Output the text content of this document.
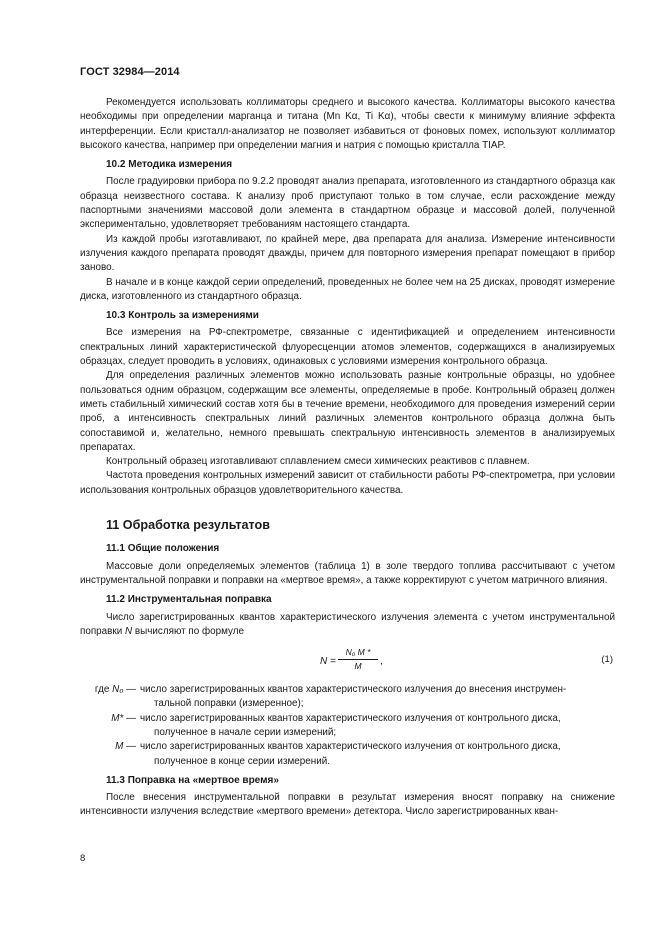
ГОСТ 32984—2014

Рекомендуется использовать коллиматоры среднего и высокого качества. Коллиматоры высокого качества необходимы при определении марганца и титана (Mn Kα, Ti Kα), чтобы свести к минимуму влияние эффекта интерференции. Если кристалл-анализатор не позволяет избавиться от фоновых помех, используют коллиматор высокого качества, например при определении магния и натрия с помощью кристалла TIAP.

10.2 Методика измерения

После градуировки прибора по 9.2.2 проводят анализ препарата, изготовленного из стандартного образца как образца неизвестного состава. К анализу проб приступают только в том случае, если расхождение между паспортными значениями массовой доли элемента в стандартном образце и массовой долей, полученной экспериментально, удовлетворяет требованиям настоящего стандарта.

Из каждой пробы изготавливают, по крайней мере, два препарата для анализа. Измерение интенсивности излучения каждого препарата проводят дважды, причем для повторного измерения препарат помещают в прибор заново.

В начале и в конце каждой серии определений, проведенных не более чем на 25 дисках, проводят измерение диска, изготовленного из стандартного образца.

10.3 Контроль за измерениями

Все измерения на РФ-спектрометре, связанные с идентификацией и определением интенсивности спектральных линий характеристической флуоресценции атомов элементов, содержащихся в анализируемых образцах, следует проводить в условиях, одинаковых с условиями измерения контрольного образца.

Для определения различных элементов можно использовать разные контрольные образцы, но удобнее пользоваться одним образцом, содержащим все элементы, определяемые в пробе. Контрольный образец должен иметь стабильный химический состав хотя бы в течение времени, необходимого для проведения измерений серии проб, а интенсивность спектральных линий различных элементов контрольного образца должна быть сопоставимой и, желательно, немного превышать спектральную интенсивность элементов в анализируемых препаратах.

Контрольный образец изготавливают сплавлением смеси химических реактивов с плавнем.

Частота проведения контрольных измерений зависит от стабильности работы РФ-спектрометра, при условии использования контрольных образцов удовлетворительного качества.

11 Обработка результатов
11.1 Общие положения

Массовые доли определяемых элементов (таблица 1) в золе твердого топлива рассчитывают с учетом инструментальной поправки и поправки на «мертвое время», а также корректируют с учетом матричного влияния.

11.2 Инструментальная поправка

Число зарегистрированных квантов характеристического излучения элемента с учетом инструментальной поправки N вычисляют по формуле

$N = \frac{\text{N₀ M *}}{M}$ ,	(1)
где N₀ — число зарегистрированных квантов характеристического излучения до внесения инструмен-
тальной поправки (измеренное);
M* — число зарегистрированных квантов характеристического излучения от контрольного диска,
полученное в начале серии измерений;
M — число зарегистрированных квантов характеристического излучения от контрольного диска,
полученное в конце серии измерений.
11.3 Поправка на «мертвое время»

После внесения инструментальной поправки в результат измерения вносят поправку на снижение интенсивности излучения вследствие «мертвого времени» детектора. Число зарегистрированных кван-

8
